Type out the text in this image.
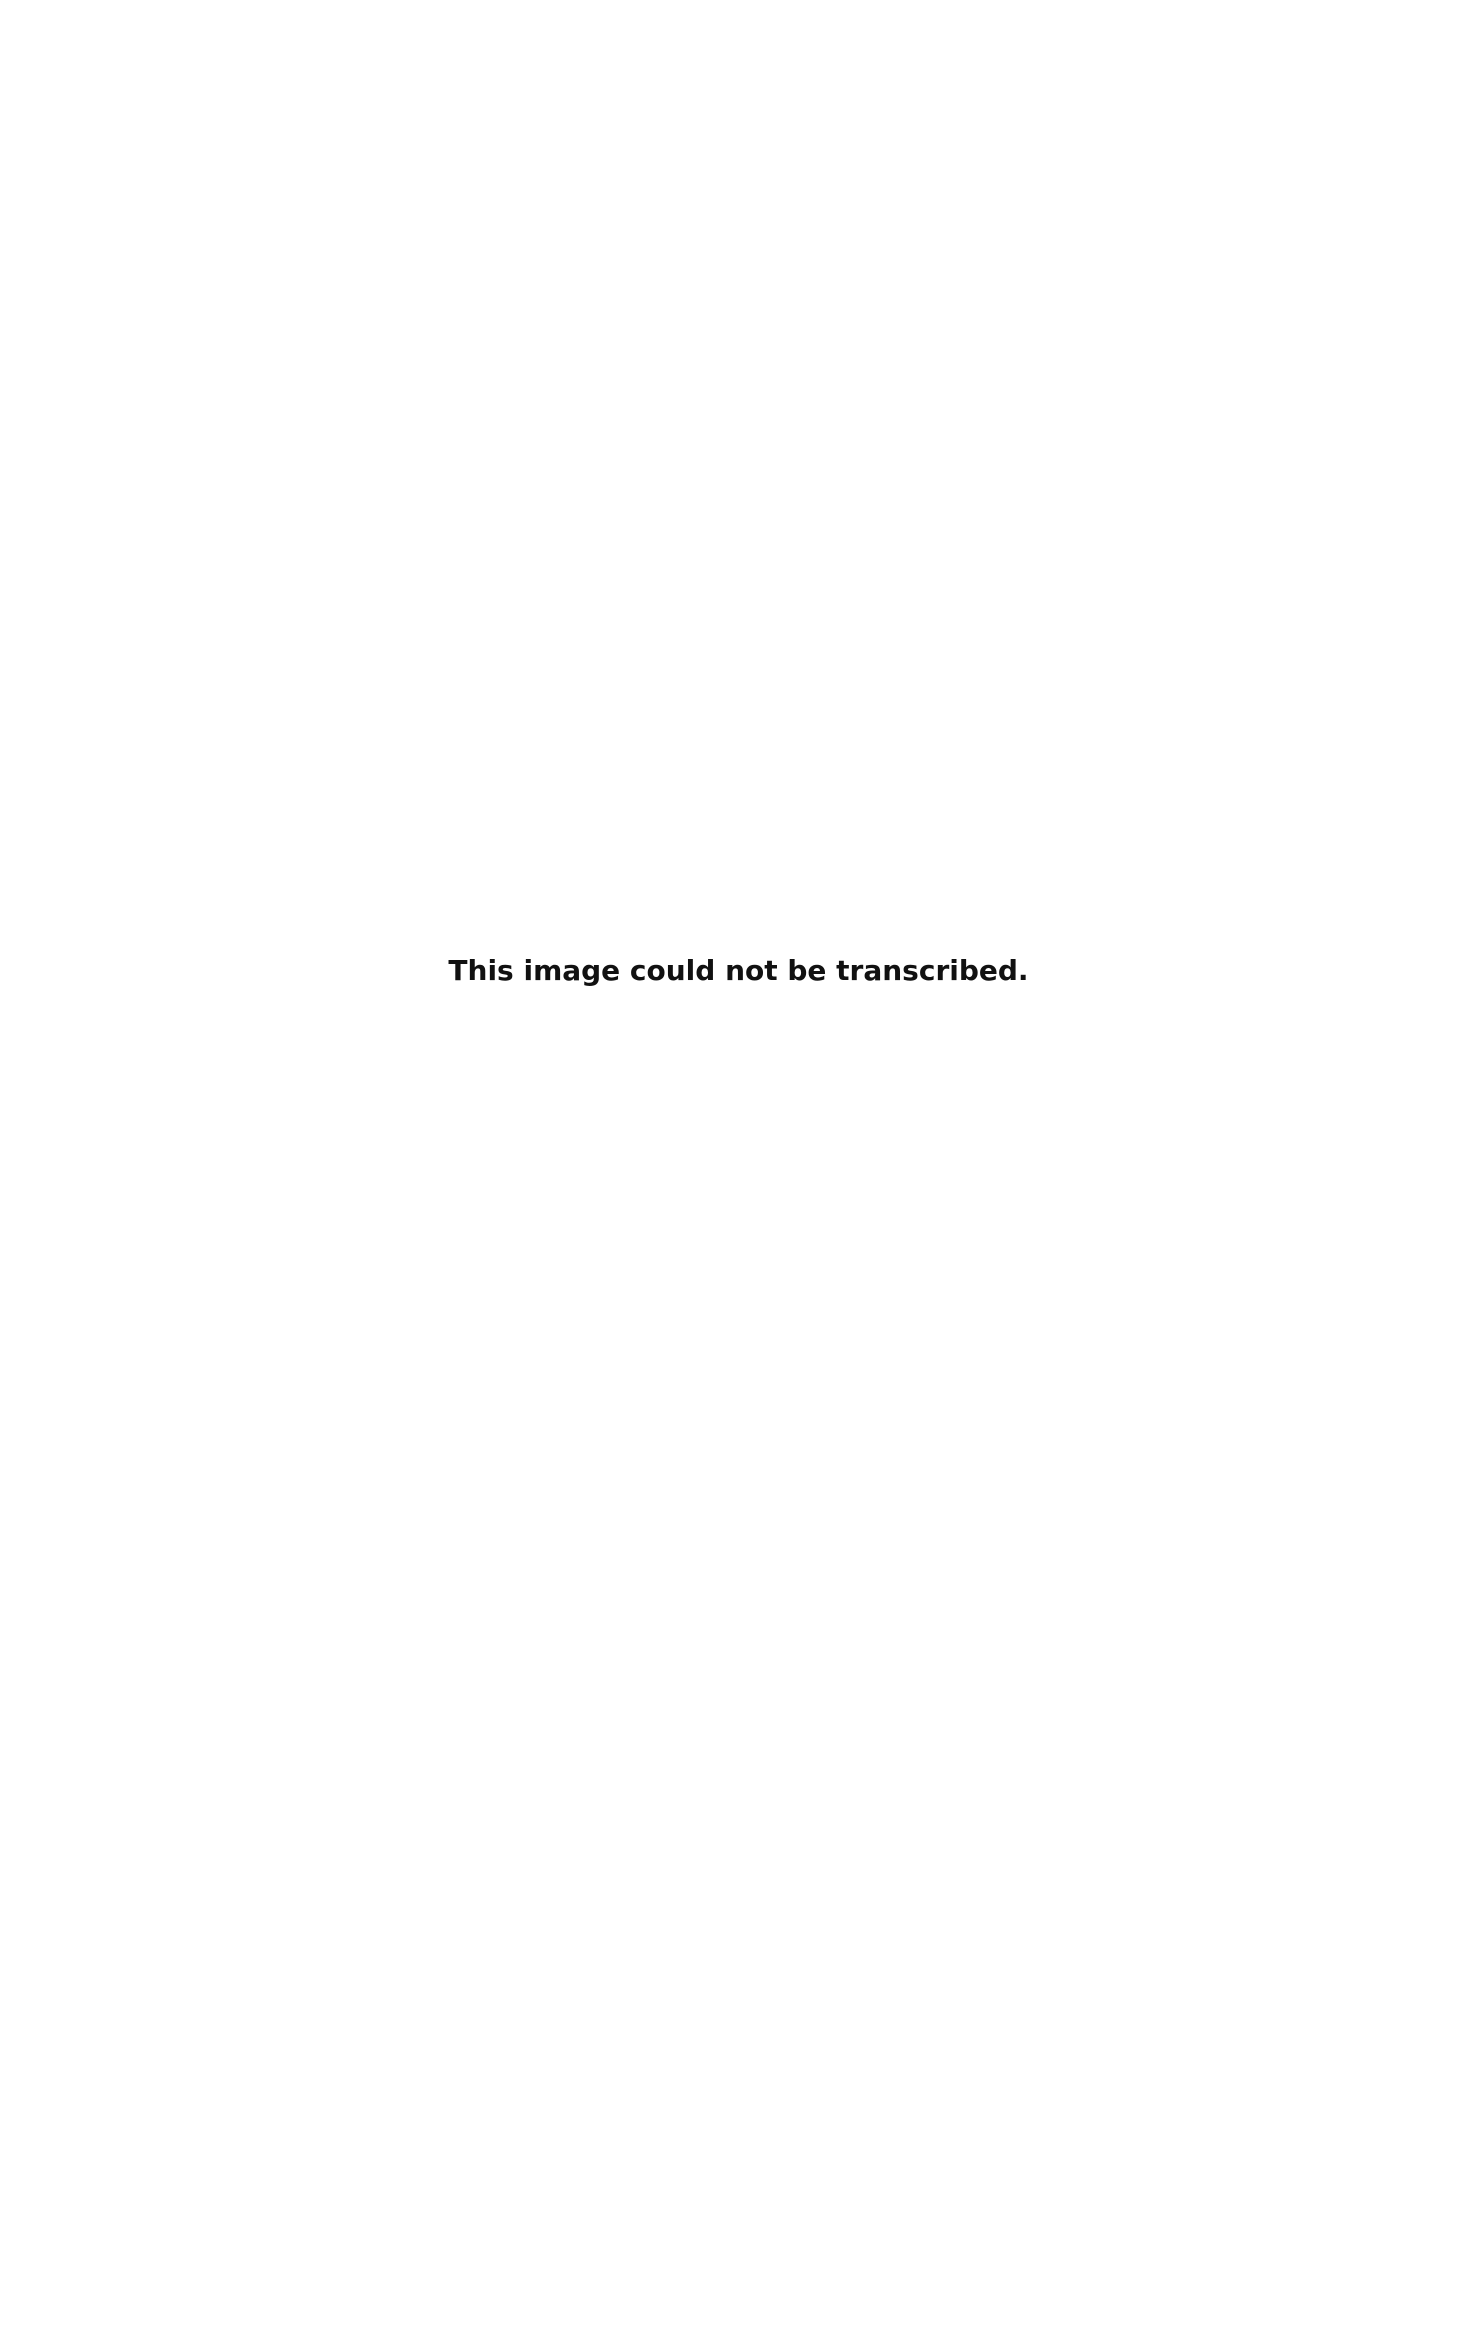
This image could not be transcribed.
